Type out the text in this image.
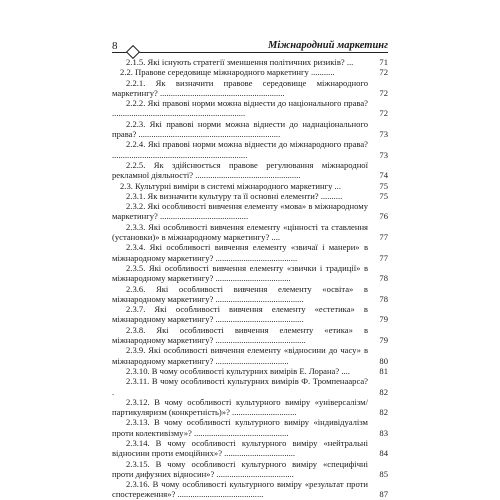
8	Міжнародний маркетинг
2.1.5. Які існують стратегії зменшення політичних ризиків? ...	71
2.2. Правове середовище міжнародного маркетингу ...........	72
2.2.1. Як визначити правове середовище міжнародного маркетингу? ..........................................................	72
2.2.2. Які правові норми можна віднести до національного права? ..............................................................	72
2.2.3. Які правові норми можна віднести до наднаціонального права? ..................................................................	73
2.2.4. Які правові норми можна віднести до міжнародного права? ...............................................................	73
2.2.5. Як здійснюється правове регулювання міжнародної рекламної діяльності? .................................................	74
2.3. Культурні виміри в системі міжнародного маркетингу ...	75
2.3.1. Як визначити культуру та її основні елементи? ..........	75
2.3.2. Які особливості вивчення елементу «мова» в міжнародному маркетингу? .........................................	76
2.3.3. Які особливості вивчення елементу «цінності та ставлення (установки)» в міжнародному маркетингу? ....	77
2.3.4. Які особливості вивчення елементу «звичаї і манери» в міжнародному маркетингу? ......................................	77
2.3.5. Які особливості вивчення елементу «звички і традиції» в міжнародному маркетингу? ...................................	78
2.3.6. Які особливості вивчення елементу «освіта» в міжнародному маркетингу? .........................................	78
2.3.7. Які особливості вивчення елементу «естетика» в міжнародному маркетингу? .........................................	79
2.3.8. Які особливості вивчення елементу «етика» в міжнародному маркетингу? ..........................................	79
2.3.9. Які особливості вивчення елементу «відносини до часу» в міжнародному маркетингу? ..................................	80
2.3.10. В чому особливості культурних вимірів Е. Лорана? ....	81
2.3.11. В чому особливості культурних вимірів Ф. Тромпенаарса? .	82
2.3.12. В чому особливості культурного виміру «універсалізм/ партикуляризм (конкретність)»? ..............................	82
2.3.13. В чому особливості культурного виміру «індивідуалізм проти колективізму»? ............................................	83
2.3.14. В чому особливості культурного виміру «нейтральні відносини проти емоційних»? .................................	84
2.3.15. В чому особливості культурного виміру «специфічні проти дифузних відносин»? ....................................	85
2.3.16. В чому особливості культурного виміру «результат проти спостереження»? ........................................	87
